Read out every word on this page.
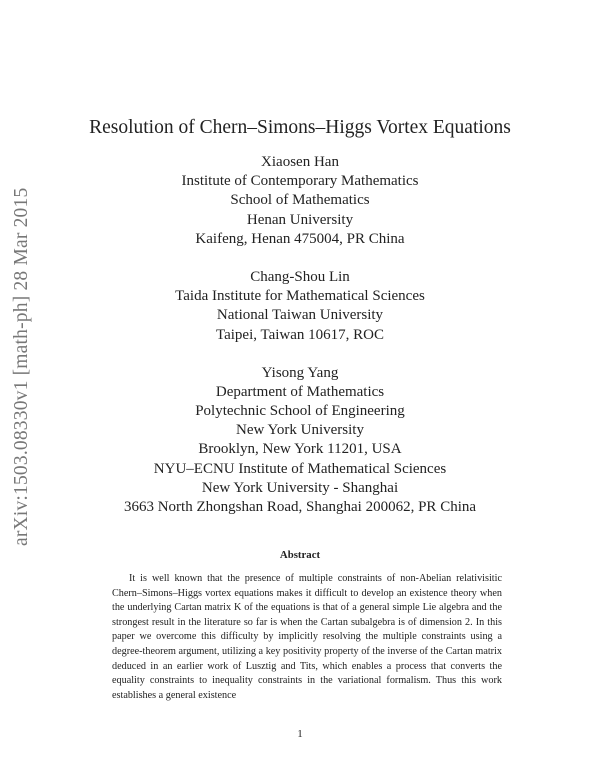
arXiv:1503.08330v1 [math-ph] 28 Mar 2015
Resolution of Chern–Simons–Higgs Vortex Equations
Xiaosen Han
Institute of Contemporary Mathematics
School of Mathematics
Henan University
Kaifeng, Henan 475004, PR China
Chang-Shou Lin
Taida Institute for Mathematical Sciences
National Taiwan University
Taipei, Taiwan 10617, ROC
Yisong Yang
Department of Mathematics
Polytechnic School of Engineering
New York University
Brooklyn, New York 11201, USA
NYU–ECNU Institute of Mathematical Sciences
New York University - Shanghai
3663 North Zhongshan Road, Shanghai 200062, PR China
Abstract
It is well known that the presence of multiple constraints of non-Abelian relativisitic Chern–Simons–Higgs vortex equations makes it difficult to develop an existence theory when the underlying Cartan matrix K of the equations is that of a general simple Lie algebra and the strongest result in the literature so far is when the Cartan subalgebra is of dimension 2. In this paper we overcome this difficulty by implicitly resolving the multiple constraints using a degree-theorem argument, utilizing a key positivity property of the inverse of the Cartan matrix deduced in an earlier work of Lusztig and Tits, which enables a process that converts the equality constraints to inequality constraints in the variational formalism. Thus this work establishes a general existence
1
